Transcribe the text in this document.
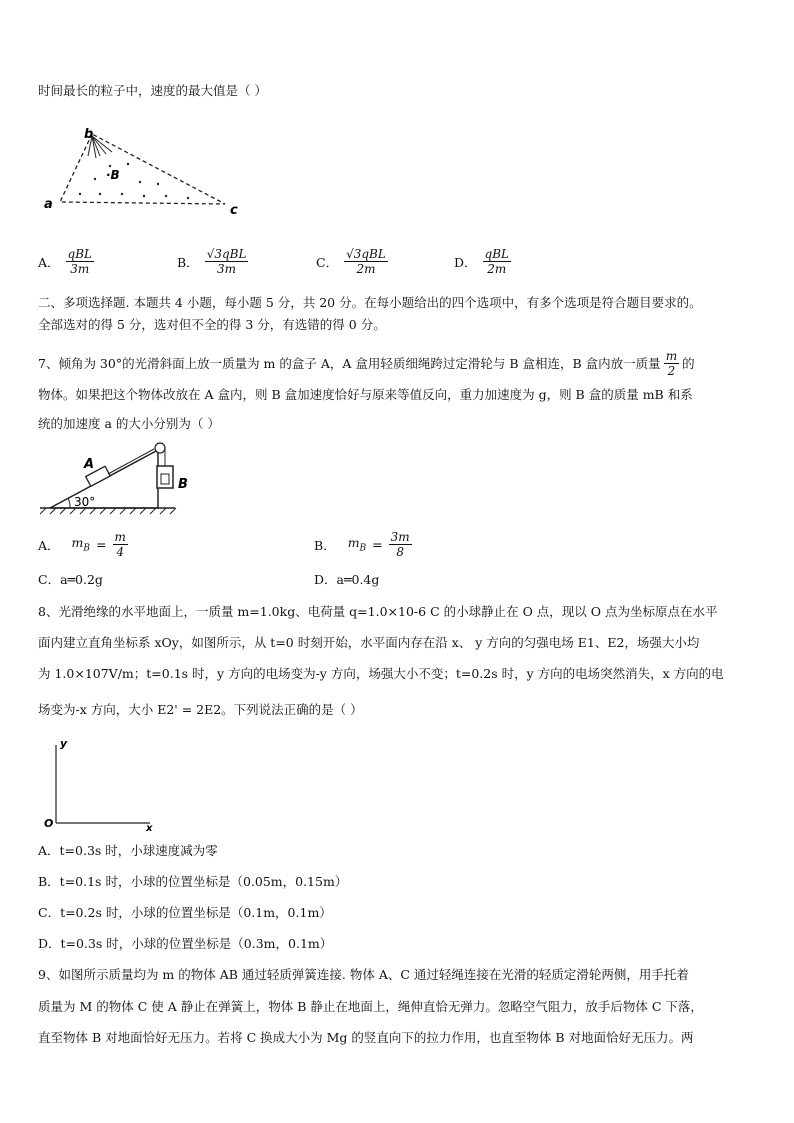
时间最长的粒子中，速度的最大值是（ ）
b
·B
a	c
A． $\frac{\text{qBL}}{3m}$	B． $\frac{\text{√3qBL}}{3m}$	C． $\frac{\text{√3qBL}}{2m}$	D． $\frac{\text{qBL}}{2m}$
二、多项选择题. 本题共 4 小题，每小题 5 分，共 20 分。在每小题给出的四个选项中，有多个选项是符合题目要求的。
全部选对的得 5 分，选对但不全的得 3 分，有选错的得 0 分。
7、倾角为 30°的光滑斜面上放一质量为 m 的盒子 A，A 盒用轻质细绳跨过定滑轮与 B 盒相连，B 盒内放一质量 $\frac{m}{2}$ 的
物体。如果把这个物体改放在 A 盒内，则 B 盒加速度恰好与原来等值反向，重力加速度为 g，则 B 盒的质量 mB 和系
统的加速度 a 的大小分别为（ ）
A
B
30°
A． $m_B = \frac{m}{4}$	B． $m_B = \frac{3m}{8}$
C．a═0.2g	D．a═0.4g
8、光滑绝缘的水平地面上，一质量 m=1.0kg、电荷量 q=1.0×10-6 C 的小球静止在 O 点，现以 O 点为坐标原点在水平
面内建立直角坐标系 xOy，如图所示，从 t=0 时刻开始，水平面内存在沿 x、 y 方向的匀强电场 E1、E2，场强大小均
为 1.0×107V/m；t=0.1s 时，y 方向的电场变为-y 方向，场强大小不变；t=0.2s 时，y 方向的电场突然消失，x 方向的电
场变为-x 方向，大小 E2' = 2E2。下列说法正确的是（ ）
y
O	x
A．t=0.3s 时，小球速度减为零
B．t=0.1s 时，小球的位置坐标是（0.05m，0.15m）
C．t=0.2s 时，小球的位置坐标是（0.1m，0.1m）
D．t=0.3s 时，小球的位置坐标是（0.3m，0.1m）
9、如图所示质量均为 m 的物体 AB 通过轻质弹簧连接. 物体 A、C 通过轻绳连接在光滑的轻质定滑轮两侧，用手托着
质量为 M 的物体 C 使 A 静止在弹簧上，物体 B 静止在地面上，绳伸直恰无弹力。忽略空气阻力，放手后物体 C 下落，
直至物体 B 对地面恰好无压力。若将 C 换成大小为 Mg 的竖直向下的拉力作用，也直至物体 B 对地面恰好无压力。两
